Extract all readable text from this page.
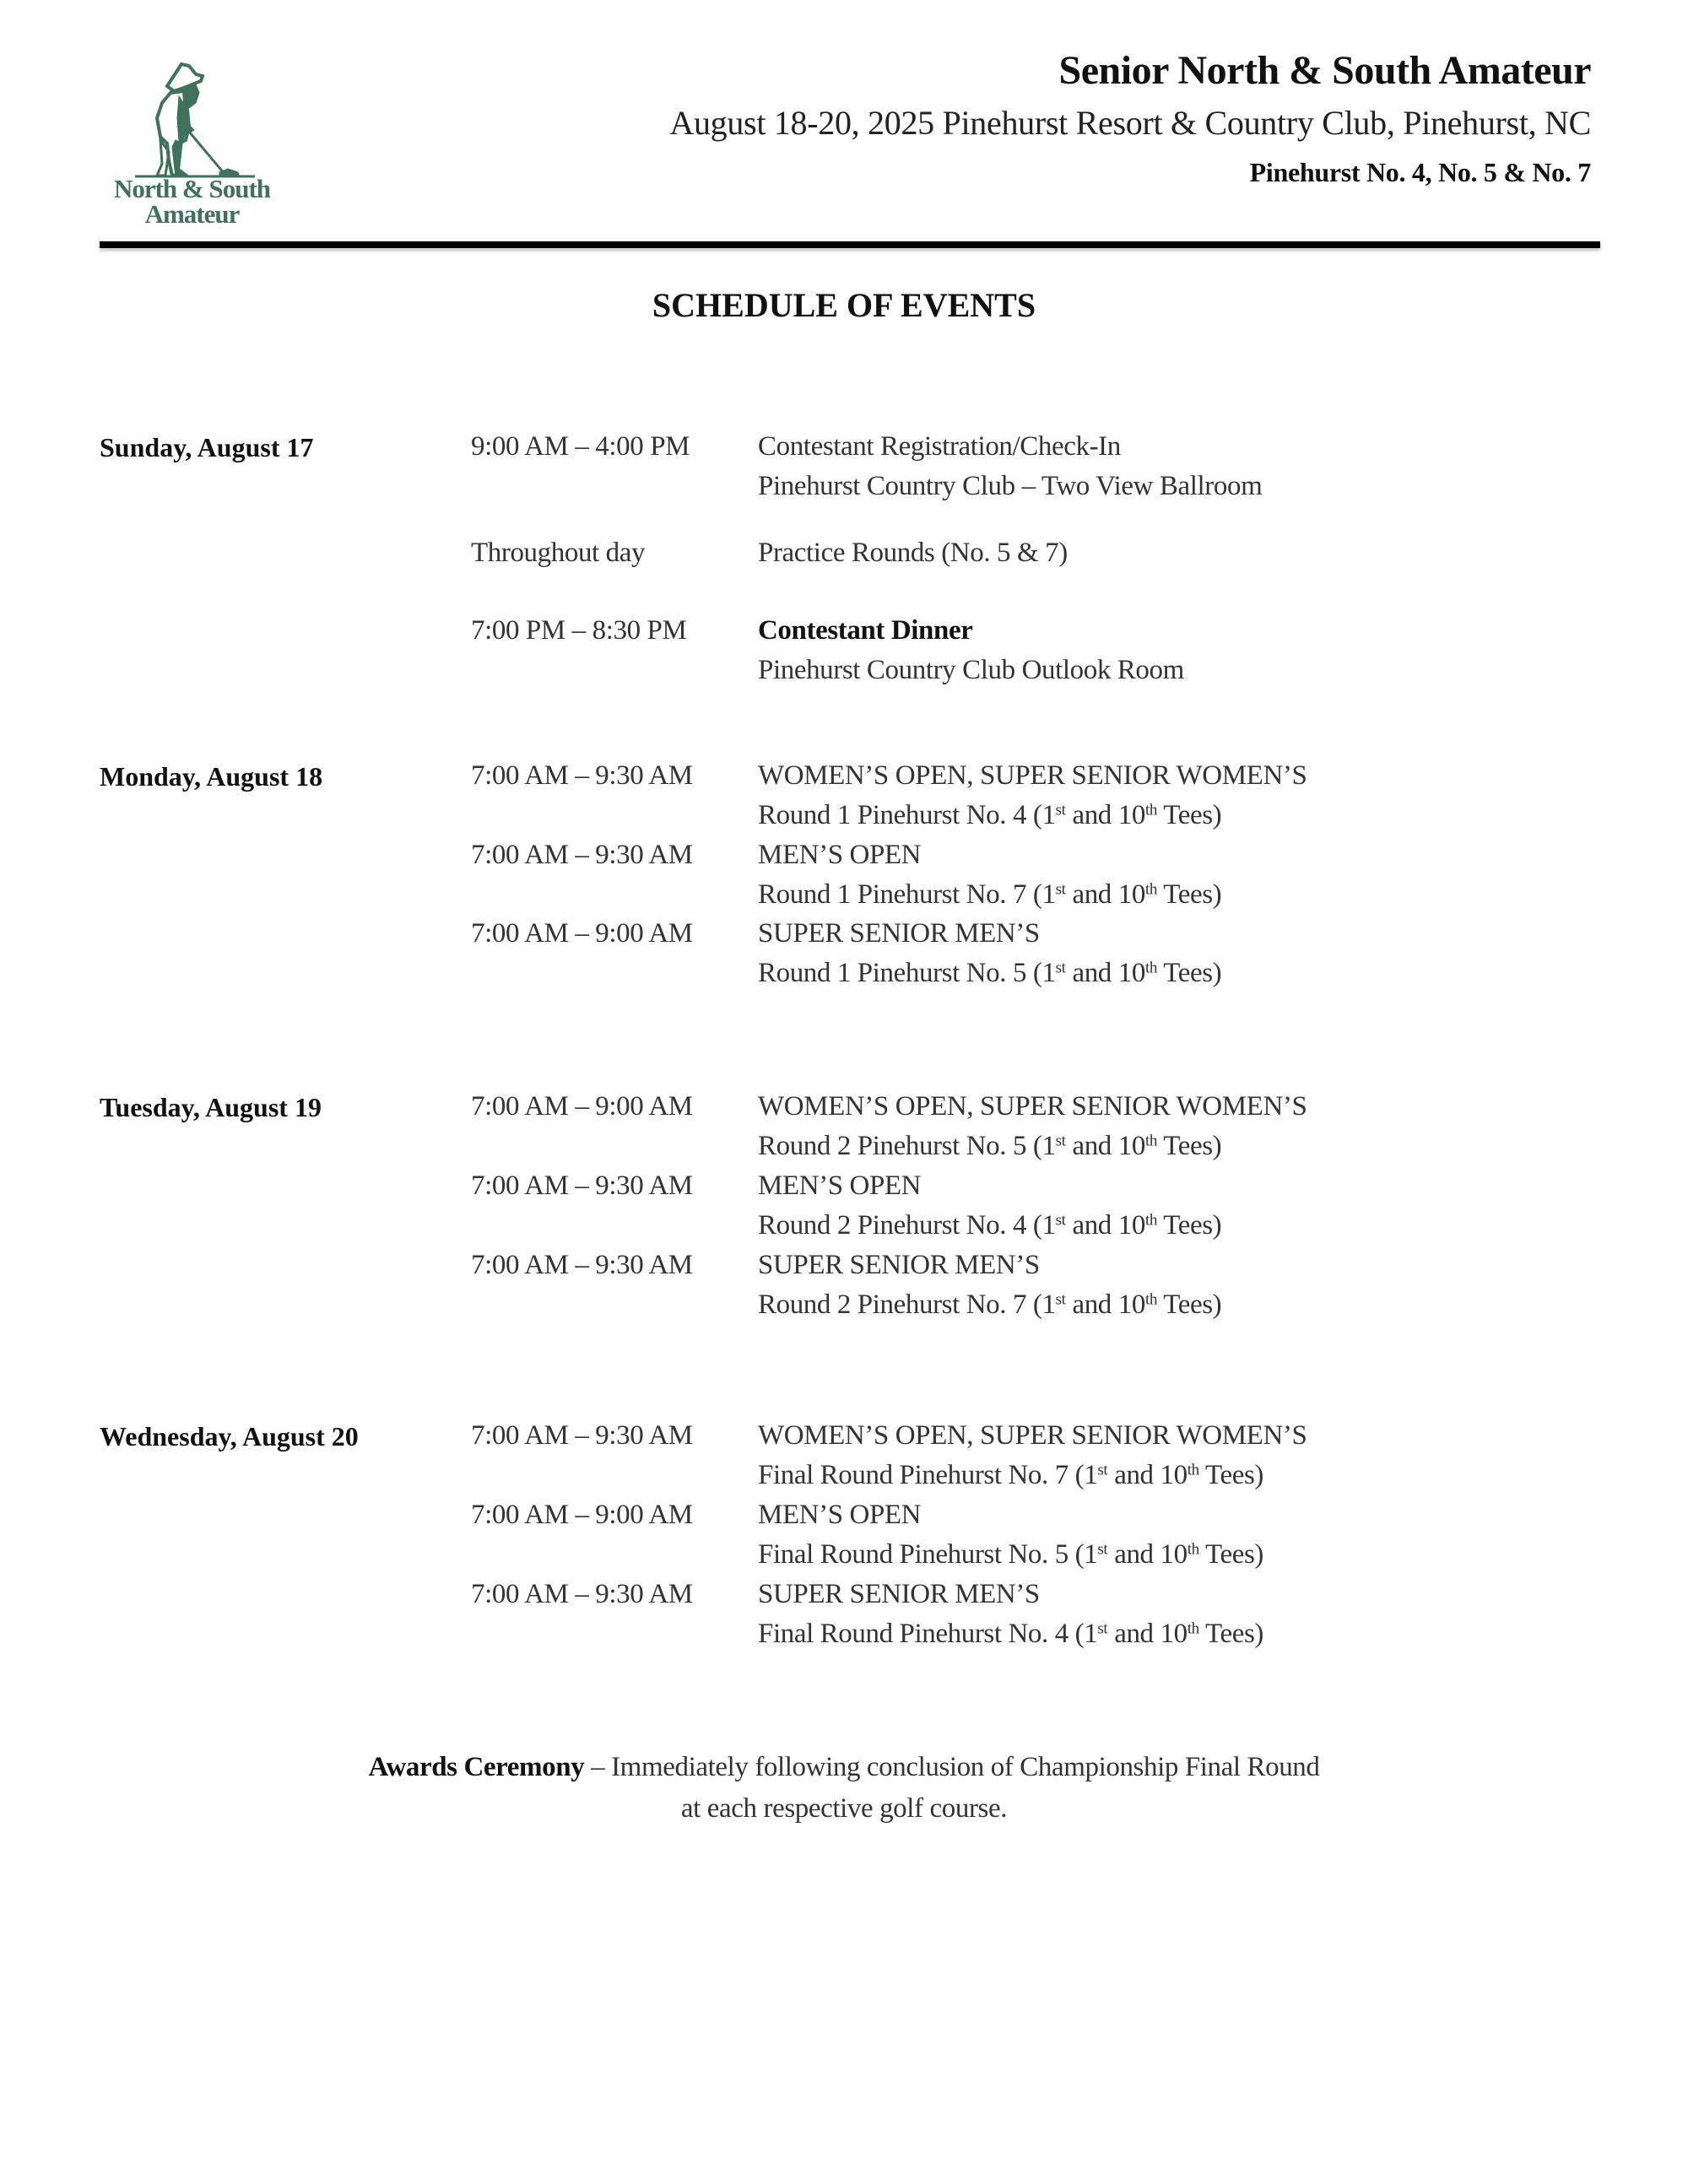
North & South
Amateur
Senior North & South Amateur
August 18-20, 2025 Pinehurst Resort & Country Club, Pinehurst, NC
Pinehurst No. 4, No. 5 & No. 7
SCHEDULE OF EVENTS
Sunday, August 17	9:00 AM – 4:00 PM Contestant Registration/Check-In
Pinehurst Country Club – Two View Ballroom
Throughout day	Practice Rounds (No. 5 & 7)
7:00 PM – 8:30 PM	Contestant Dinner
Pinehurst Country Club Outlook Room
Monday, August 18	7:00 AM – 9:30 AM WOMEN’S OPEN, SUPER SENIOR WOMEN’S
Round 1 Pinehurst No. 4 (1st and 10th Tees)
7:00 AM – 9:30 AM MEN’S OPEN
Round 1 Pinehurst No. 7 (1st and 10th Tees)
7:00 AM – 9:00 AM SUPER SENIOR MEN’S
Round 1 Pinehurst No. 5 (1st and 10th Tees)
Tuesday, August 19	7:00 AM – 9:00 AM WOMEN’S OPEN, SUPER SENIOR WOMEN’S
Round 2 Pinehurst No. 5 (1st and 10th Tees)
7:00 AM – 9:30 AM MEN’S OPEN
Round 2 Pinehurst No. 4 (1st and 10th Tees)
7:00 AM – 9:30 AM SUPER SENIOR MEN’S
Round 2 Pinehurst No. 7 (1st and 10th Tees)
Wednesday, August 20	7:00 AM – 9:30 AM WOMEN’S OPEN, SUPER SENIOR WOMEN’S
Final Round Pinehurst No. 7 (1st and 10th Tees)
7:00 AM – 9:00 AM MEN’S OPEN
Final Round Pinehurst No. 5 (1st and 10th Tees)
7:00 AM – 9:30 AM SUPER SENIOR MEN’S
Final Round Pinehurst No. 4 (1st and 10th Tees)
Awards Ceremony – Immediately following conclusion of Championship Final Round
at each respective golf course.
